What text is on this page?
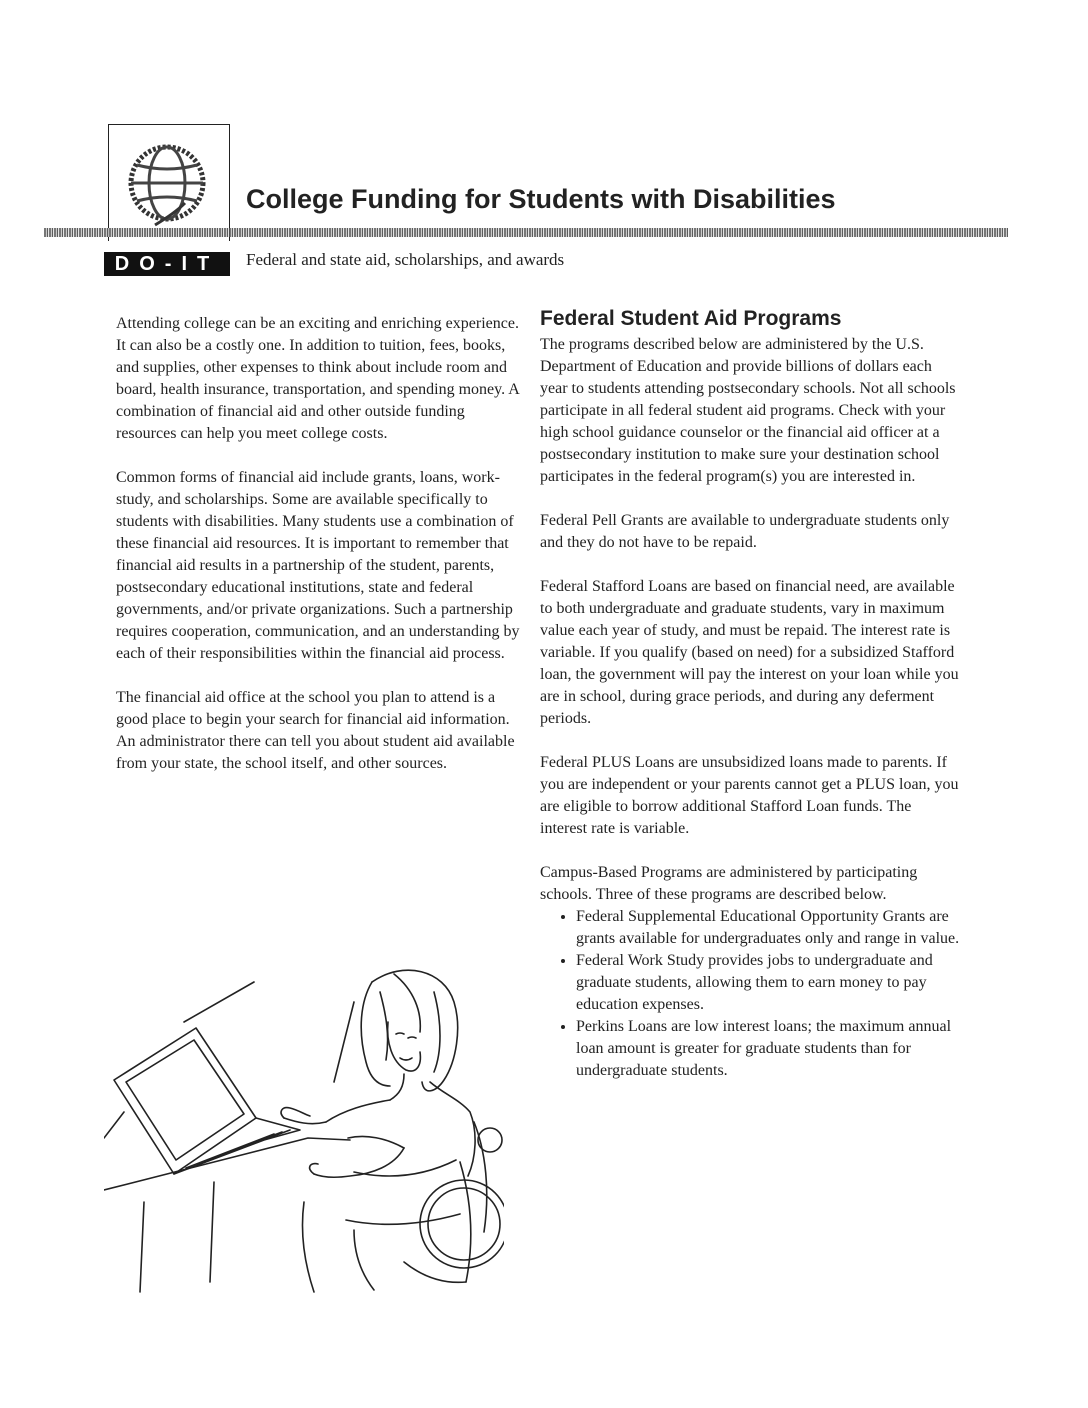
College Funding for Students with Disabilities
DO-IT	Federal and state aid, scholarships, and awards

Attending college can be an exciting and enriching experience. It can also be a costly one. In addition to tuition, fees, books, and supplies, other expenses to think about include room and board, health insurance, transportation, and spending money. A combination of financial aid and other outside funding resources can help you meet college costs.

Common forms of financial aid include grants, loans, work-study, and scholarships. Some are available specifically to students with disabilities. Many students use a combination of these financial aid resources. It is important to remember that financial aid results in a partnership of the student, parents, postsecondary educational institutions, state and federal governments, and/or private organizations. Such a partnership requires cooperation, communication, and an understanding by each of their responsibilities within the financial aid process.

The financial aid office at the school you plan to attend is a good place to begin your search for financial aid information. An administrator there can tell you about student aid available from your state, the school itself, and other sources.

Federal Student Aid Programs

The programs described below are administered by the U.S. Department of Education and provide billions of dollars each year to students attending postsecondary schools. Not all schools participate in all federal student aid programs. Check with your high school guidance counselor or the financial aid officer at a postsecondary institution to make sure your destination school participates in the federal program(s) you are interested in.

Federal Pell Grants are available to undergraduate students only and they do not have to be repaid.

Federal Stafford Loans are based on financial need, are available to both undergraduate and graduate students, vary in maximum value each year of study, and must be repaid. The interest rate is variable. If you qualify (based on need) for a subsidized Stafford loan, the government will pay the interest on your loan while you are in school, during grace periods, and during any deferment periods.

Federal PLUS Loans are unsubsidized loans made to parents. If you are independent or your parents cannot get a PLUS loan, you are eligible to borrow additional Stafford Loan funds. The interest rate is variable.

Campus-Based Programs are administered by participating schools. Three of these programs are described below.

• Federal Supplemental Educational Opportunity Grants are grants available for undergraduates only and range in value.
• Federal Work Study provides jobs to undergraduate and graduate students, allowing them to earn money to pay education expenses.
• Perkins Loans are low interest loans; the maximum annual loan amount is greater for graduate students than for undergraduate students.
